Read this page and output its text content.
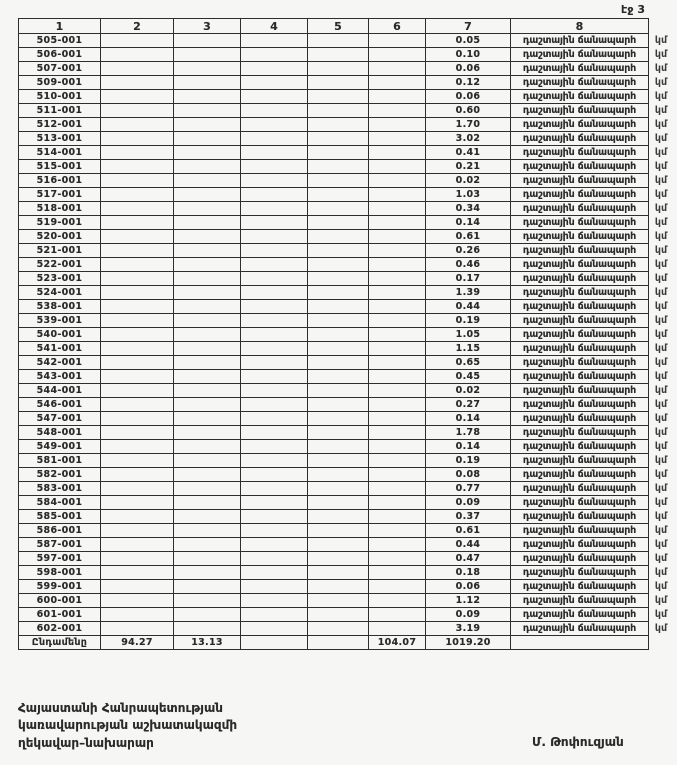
էջ 3
1	2	3	4	5	6	7	8	
505-001						0.05	դաշտային ճանապարհ	կմ
506-001						0.10	դաշտային ճանապարհ	կմ
507-001						0.06	դաշտային ճանապարհ	կմ
509-001						0.12	դաշտային ճանապարհ	կմ
510-001						0.06	դաշտային ճանապարհ	կմ
511-001						0.60	դաշտային ճանապարհ	կմ
512-001						1.70	դաշտային ճանապարհ	կմ
513-001						3.02	դաշտային ճանապարհ	կմ
514-001						0.41	դաշտային ճանապարհ	կմ
515-001						0.21	դաշտային ճանապարհ	կմ
516-001						0.02	դաշտային ճանապարհ	կմ
517-001						1.03	դաշտային ճանապարհ	կմ
518-001						0.34	դաշտային ճանապարհ	կմ
519-001						0.14	դաշտային ճանապարհ	կմ
520-001						0.61	դաշտային ճանապարհ	կմ
521-001						0.26	դաշտային ճանապարհ	կմ
522-001						0.46	դաշտային ճանապարհ	կմ
523-001						0.17	դաշտային ճանապարհ	կմ
524-001						1.39	դաշտային ճանապարհ	կմ
538-001						0.44	դաշտային ճանապարհ	կմ
539-001						0.19	դաշտային ճանապարհ	կմ
540-001						1.05	դաշտային ճանապարհ	կմ
541-001						1.15	դաշտային ճանապարհ	կմ
542-001						0.65	դաշտային ճանապարհ	կմ
543-001						0.45	դաշտային ճանապարհ	կմ
544-001						0.02	դաշտային ճանապարհ	կմ
546-001						0.27	դաշտային ճանապարհ	կմ
547-001						0.14	դաշտային ճանապարհ	կմ
548-001						1.78	դաշտային ճանապարհ	կմ
549-001						0.14	դաշտային ճանապարհ	կմ
581-001						0.19	դաշտային ճանապարհ	կմ
582-001						0.08	դաշտային ճանապարհ	կմ
583-001						0.77	դաշտային ճանապարհ	կմ
584-001						0.09	դաշտային ճանապարհ	կմ
585-001						0.37	դաշտային ճանապարհ	կմ
586-001						0.61	դաշտային ճանապարհ	կմ
587-001						0.44	դաշտային ճանապարհ	կմ
597-001						0.47	դաշտային ճանապարհ	կմ
598-001						0.18	դաշտային ճանապարհ	կմ
599-001						0.06	դաշտային ճանապարհ	կմ
600-001						1.12	դաշտային ճանապարհ	կմ
601-001						0.09	դաշտային ճանապարհ	կմ
602-001						3.19	դաշտային ճանապարհ	կմ
Ընդամենը	94.27	13.13			104.07	1019.20		
Հայաստանի Հանրապետության
կառավարության աշխատակազմի
ղեկավար–նախարար	Մ. Թոփուզյան
